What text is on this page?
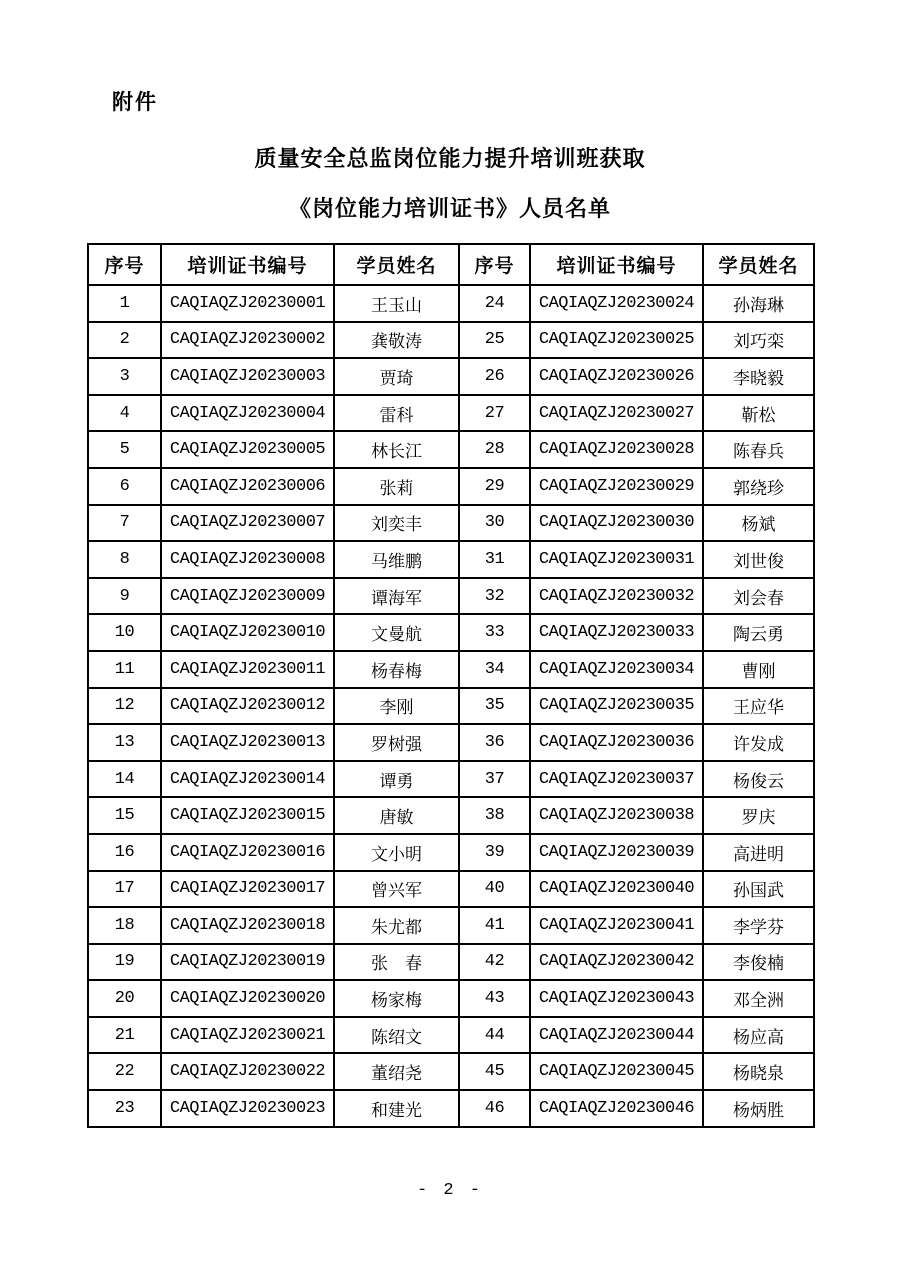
附件
质量安全总监岗位能力提升培训班获取
《岗位能力培训证书》人员名单
序号	培训证书编号	学员姓名	序号	培训证书编号	学员姓名
1	CAQIAQZJ20230001	王玉山	24	CAQIAQZJ20230024	孙海琳
2	CAQIAQZJ20230002	龚敬涛	25	CAQIAQZJ20230025	刘巧栾
3	CAQIAQZJ20230003	贾琦	26	CAQIAQZJ20230026	李晓毅
4	CAQIAQZJ20230004	雷科	27	CAQIAQZJ20230027	靳松
5	CAQIAQZJ20230005	林长江	28	CAQIAQZJ20230028	陈春兵
6	CAQIAQZJ20230006	张莉	29	CAQIAQZJ20230029	郭绕珍
7	CAQIAQZJ20230007	刘奕丰	30	CAQIAQZJ20230030	杨斌
8	CAQIAQZJ20230008	马维鹏	31	CAQIAQZJ20230031	刘世俊
9	CAQIAQZJ20230009	谭海军	32	CAQIAQZJ20230032	刘会春
10	CAQIAQZJ20230010	文曼航	33	CAQIAQZJ20230033	陶云勇
11	CAQIAQZJ20230011	杨春梅	34	CAQIAQZJ20230034	曹刚
12	CAQIAQZJ20230012	李刚	35	CAQIAQZJ20230035	王应华
13	CAQIAQZJ20230013	罗树强	36	CAQIAQZJ20230036	许发成
14	CAQIAQZJ20230014	谭勇	37	CAQIAQZJ20230037	杨俊云
15	CAQIAQZJ20230015	唐敏	38	CAQIAQZJ20230038	罗庆
16	CAQIAQZJ20230016	文小明	39	CAQIAQZJ20230039	高进明
17	CAQIAQZJ20230017	曾兴军	40	CAQIAQZJ20230040	孙国武
18	CAQIAQZJ20230018	朱尤都	41	CAQIAQZJ20230041	李学芬
19	CAQIAQZJ20230019	张　春	42	CAQIAQZJ20230042	李俊楠
20	CAQIAQZJ20230020	杨家梅	43	CAQIAQZJ20230043	邓全洲
21	CAQIAQZJ20230021	陈绍文	44	CAQIAQZJ20230044	杨应高
22	CAQIAQZJ20230022	董绍尧	45	CAQIAQZJ20230045	杨晓泉
23	CAQIAQZJ20230023	和建光	46	CAQIAQZJ20230046	杨炳胜
- 2 -
